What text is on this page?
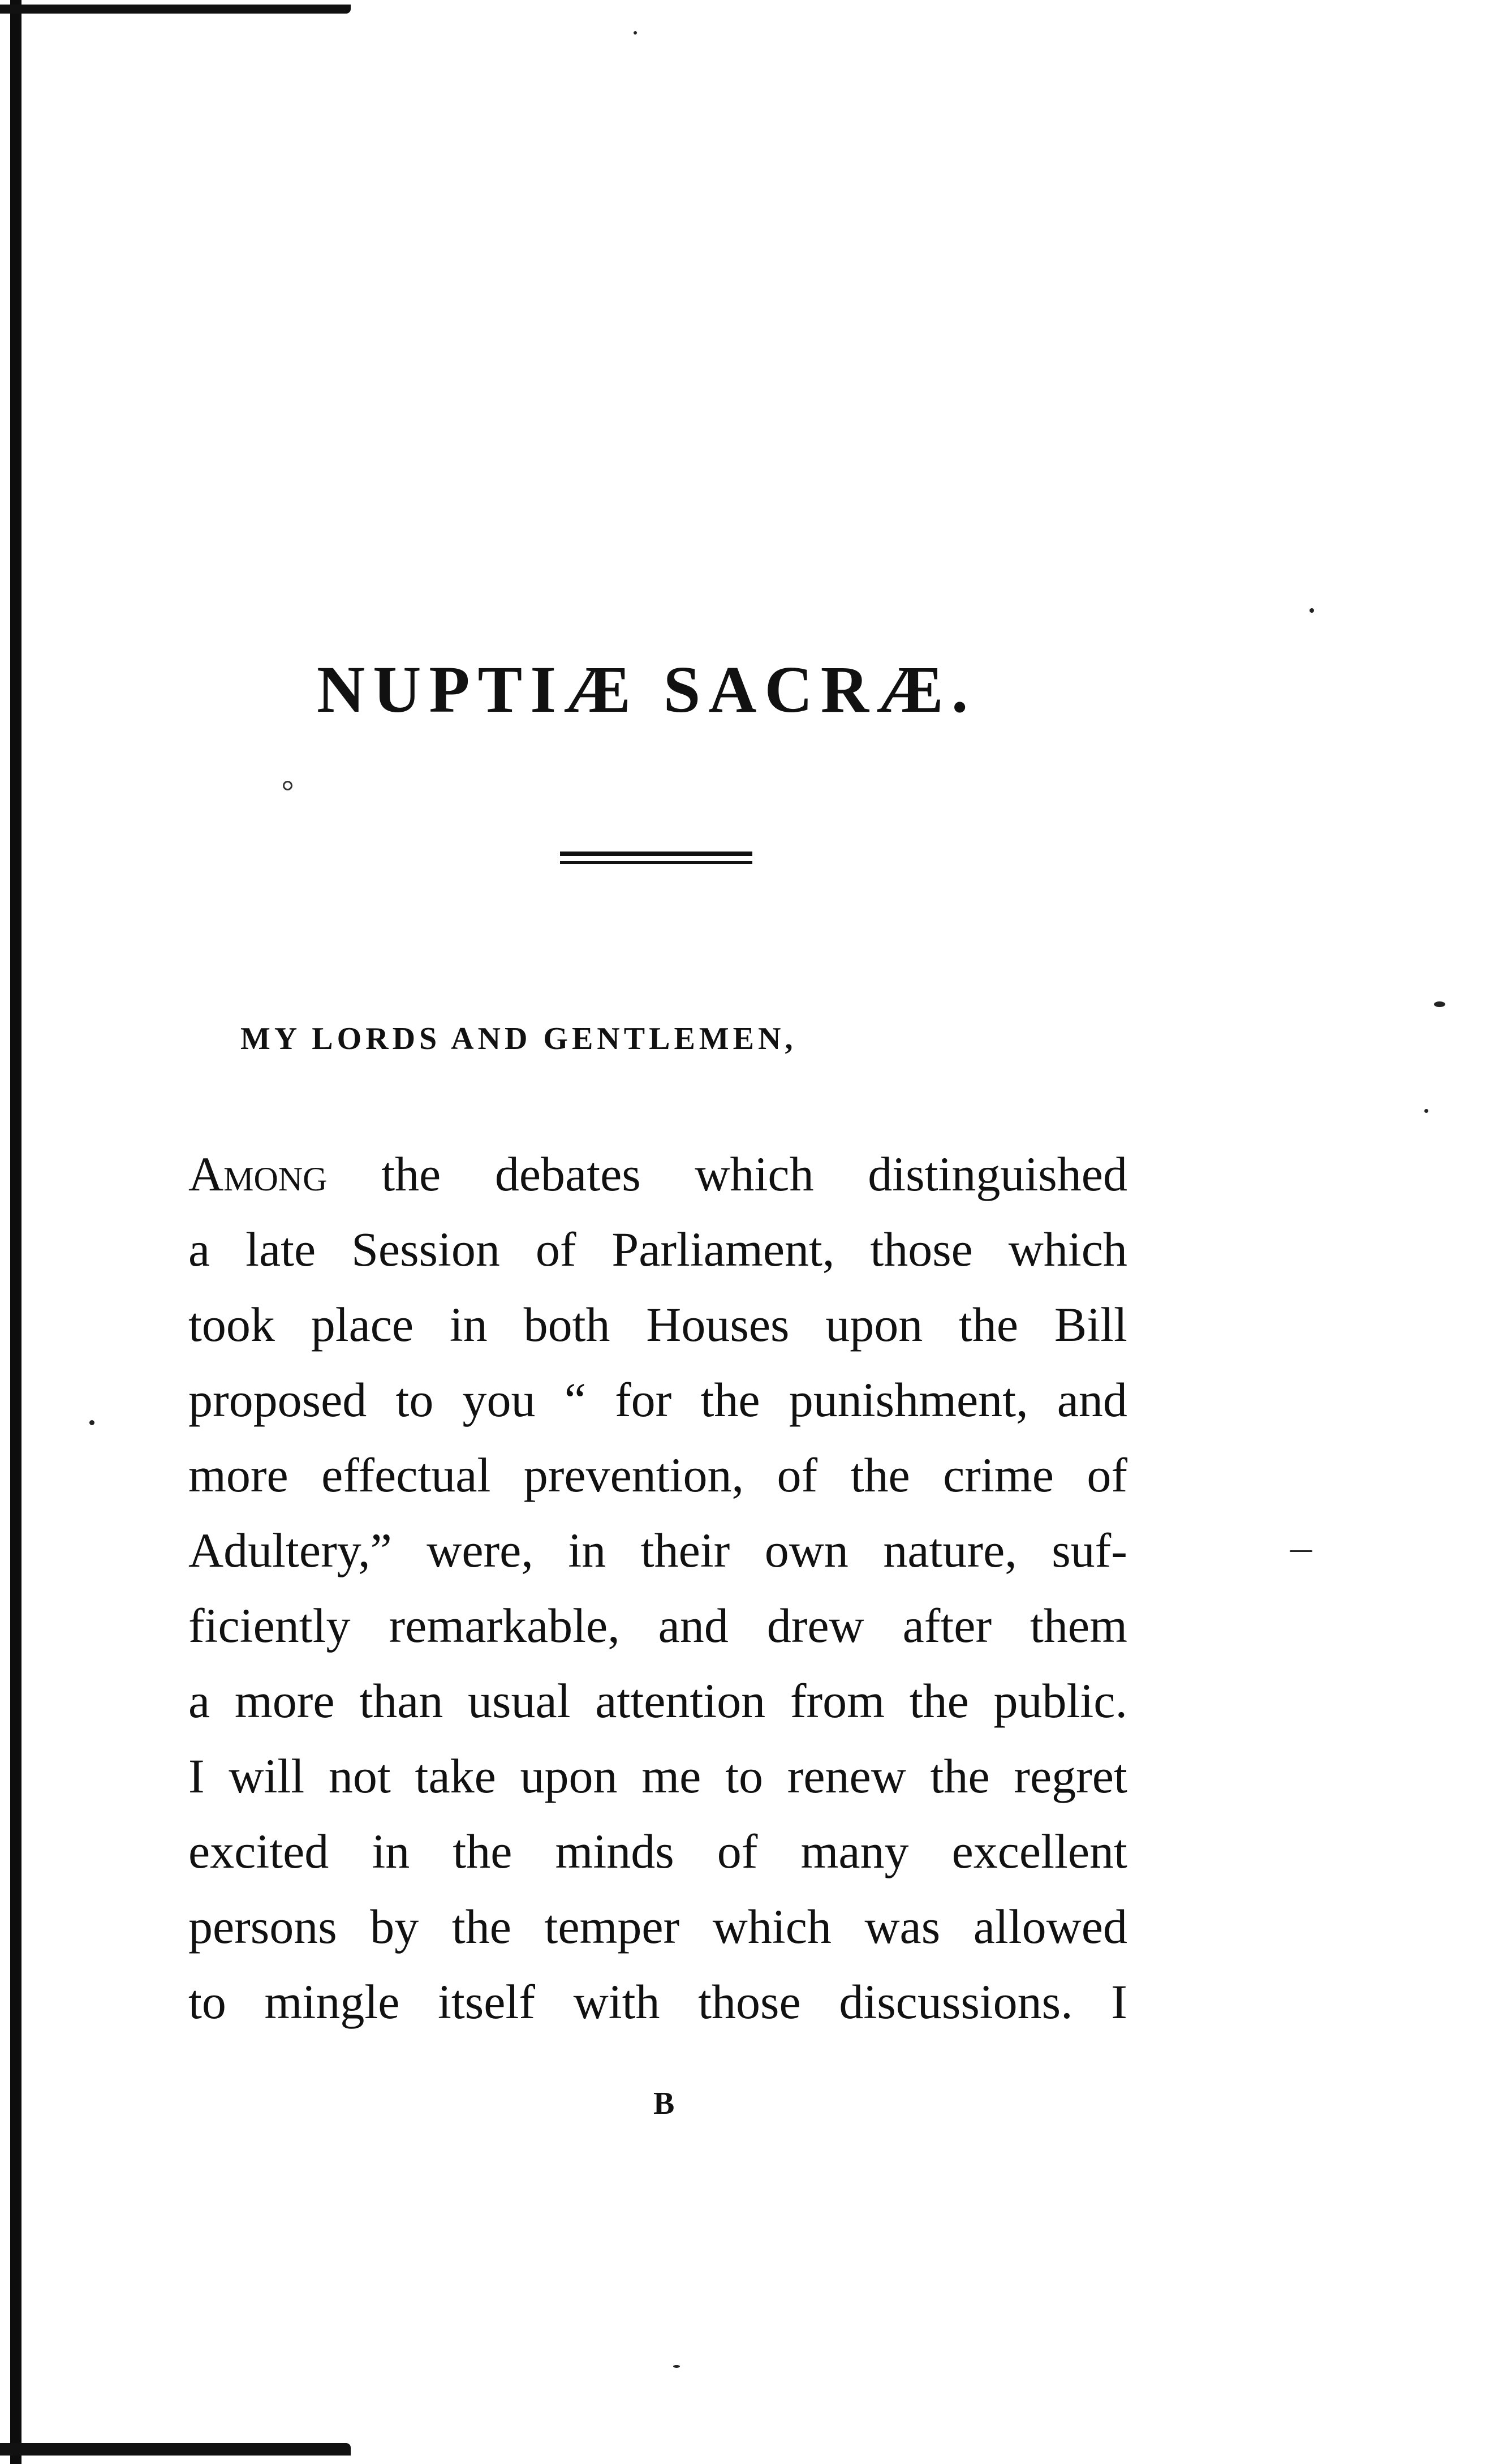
NUPTIÆ SACRÆ.

MY LORDS AND GENTLEMEN,

Among the debates which distinguished
a late Session of Parliament, those which
took place in both Houses upon the Bill
proposed to you “ for the punishment, and
more effectual prevention, of the crime of
Adultery,” were, in their own nature, suf-
ficiently remarkable, and drew after them
a more than usual attention from the public.
I will not take upon me to renew the regret
excited in the minds of many excellent
persons by the temper which was allowed
to mingle itself with those discussions. I

B
